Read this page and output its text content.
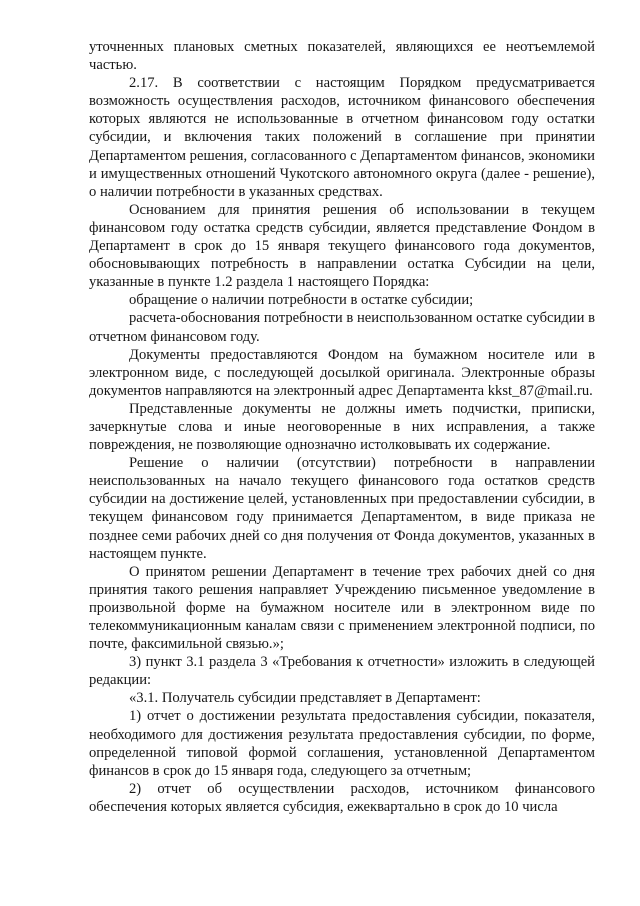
уточненных плановых сметных показателей, являющихся ее неотъемлемой частью.

2.17. В соответствии с настоящим Порядком предусматривается возможность осуществления расходов, источником финансового обеспечения которых являются не использованные в отчетном финансовом году остатки субсидии, и включения таких положений в соглашение при принятии Департаментом решения, согласованного с Департаментом финансов, экономики и имущественных отношений Чукотского автономного округа (далее - решение), о наличии потребности в указанных средствах.

Основанием для принятия решения об использовании в текущем финансовом году остатка средств субсидии, является представление Фондом в Департамент в срок до 15 января текущего финансового года документов, обосновывающих потребность в направлении остатка Субсидии на цели, указанные в пункте 1.2 раздела 1 настоящего Порядка:

обращение о наличии потребности в остатке субсидии;

расчета-обоснования потребности в неиспользованном остатке субсидии в отчетном финансовом году.

Документы предоставляются Фондом на бумажном носителе или в электронном виде, с последующей досылкой оригинала. Электронные образы документов направляются на электронный адрес Департамента kkst_87@mail.ru.

Представленные документы не должны иметь подчистки, приписки, зачеркнутые слова и иные неоговоренные в них исправления, а также повреждения, не позволяющие однозначно истолковывать их содержание.

Решение о наличии (отсутствии) потребности в направлении неиспользованных на начало текущего финансового года остатков средств субсидии на достижение целей, установленных при предоставлении субсидии, в текущем финансовом году принимается Департаментом, в виде приказа не позднее семи рабочих дней со дня получения от Фонда документов, указанных в настоящем пункте.

О принятом решении Департамент в течение трех рабочих дней со дня принятия такого решения направляет Учреждению письменное уведомление в произвольной форме на бумажном носителе или в электронном виде по телекоммуникационным каналам связи с применением электронной подписи, по почте, факсимильной связью.»;

3) пункт 3.1 раздела 3 «Требования к отчетности» изложить в следующей редакции:

«3.1. Получатель субсидии представляет в Департамент:

1) отчет о достижении результата предоставления субсидии, показателя, необходимого для достижения результата предоставления субсидии, по форме, определенной типовой формой соглашения, установленной Департаментом финансов в срок до 15 января года, следующего за отчетным;

2) отчет об осуществлении расходов, источником финансового обеспечения которых является субсидия, ежеквартально в срок до 10 числа
